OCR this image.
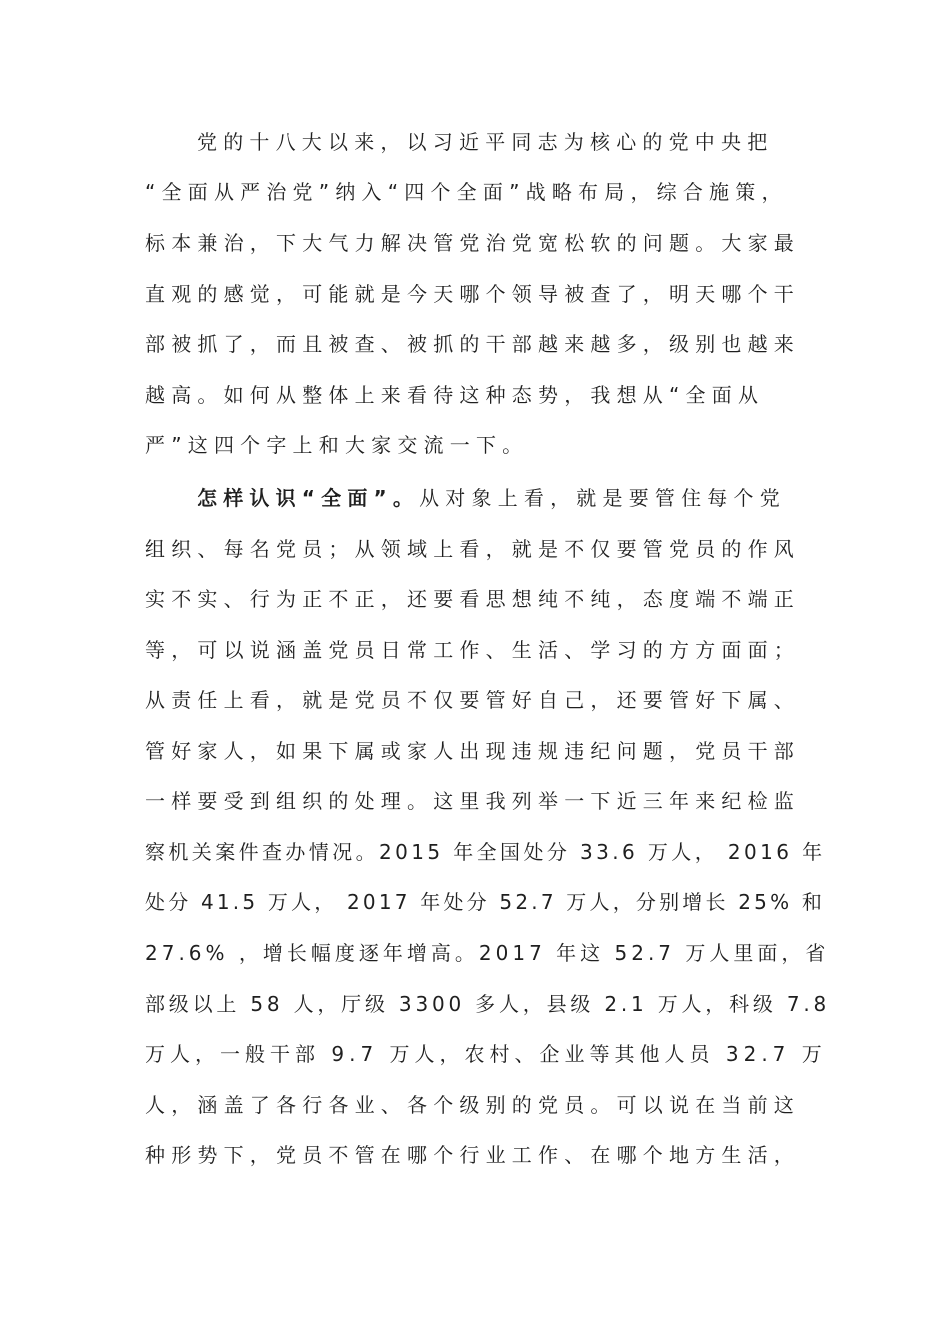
党的十八大以来，以习近平同志为核心的党中央把
“全面从严治党”纳入“四个全面”战略布局，综合施策，
标本兼治，下大气力解决管党治党宽松软的问题。大家最
直观的感觉，可能就是今天哪个领导被查了，明天哪个干
部被抓了，而且被查、被抓的干部越来越多，级别也越来
越高。如何从整体上来看待这种态势，我想从“全面从
严”这四个字上和大家交流一下。
怎样认识“全面”。从对象上看，就是要管住每个党
组织、每名党员；从领域上看，就是不仅要管党员的作风
实不实、行为正不正，还要看思想纯不纯，态度端不端正
等，可以说涵盖党员日常工作、生活、学习的方方面面；
从责任上看，就是党员不仅要管好自己，还要管好下属、
管好家人，如果下属或家人出现违规违纪问题，党员干部
一样要受到组织的处理。这里我列举一下近三年来纪检监
察机关案件查办情况。2015 年全国处分 33.6 万人， 2016 年
处分 41.5 万人， 2017 年处分 52.7 万人，分别增长 25% 和
27.6% ，增长幅度逐年增高。2017 年这 52.7 万人里面，省
部级以上 58 人，厅级 3300 多人，县级 2.1 万人，科级 7.8
万人，一般干部 9.7 万人，农村、企业等其他人员 32.7 万
人，涵盖了各行各业、各个级别的党员。可以说在当前这
种形势下，党员不管在哪个行业工作、在哪个地方生活，
